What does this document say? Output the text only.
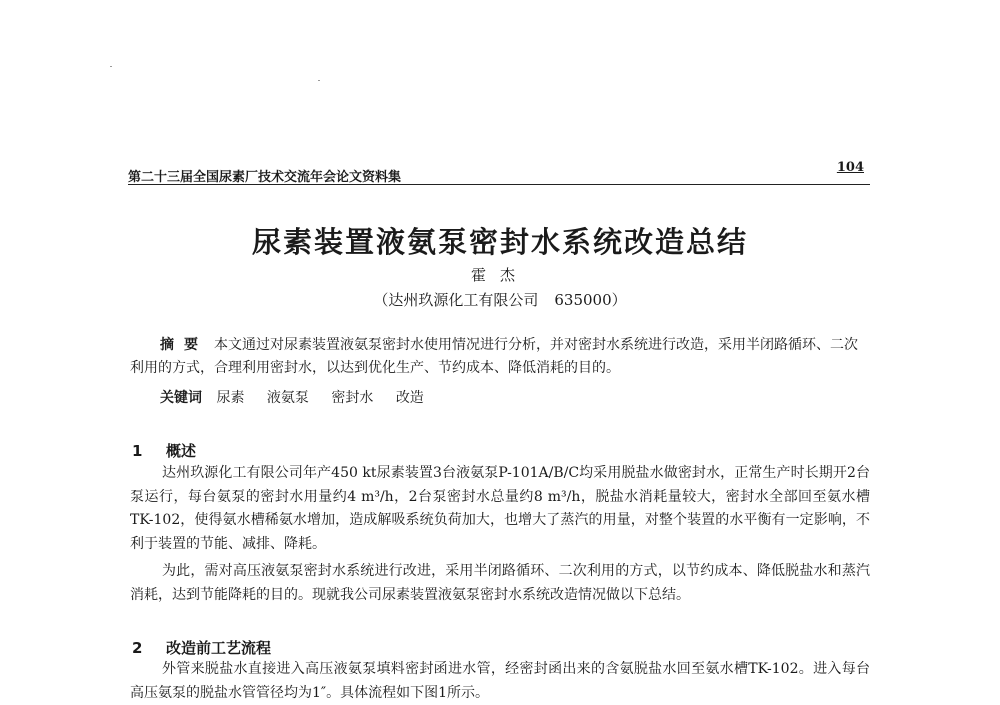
第二十三届全国尿素厂技术交流年会论文资料集
104
尿素装置液氨泵密封水系统改造总结
霍杰
（达州玖源化工有限公司 635000）
摘要 本文通过对尿素装置液氨泵密封水使用情况进行分析，并对密封水系统进行改造，采用半闭路循环、二次利用的方式，合理利用密封水，以达到优化生产、节约成本、降低消耗的目的。
关键词 尿素 液氨泵 密封水 改造
1 概述
达州玖源化工有限公司年产450 kt尿素装置3台液氨泵P-101A/B/C均采用脱盐水做密封水，正常生产时长期开2台泵运行，每台氨泵的密封水用量约4 m³/h，2台泵密封水总量约8 m³/h，脱盐水消耗量较大，密封水全部回至氨水槽TK-102，使得氨水槽稀氨水增加，造成解吸系统负荷加大，也增大了蒸汽的用量，对整个装置的水平衡有一定影响，不利于装置的节能、减排、降耗。
为此，需对高压液氨泵密封水系统进行改进，采用半闭路循环、二次利用的方式，以节约成本、降低脱盐水和蒸汽消耗，达到节能降耗的目的。现就我公司尿素装置液氨泵密封水系统改造情况做以下总结。
2 改造前工艺流程
外管来脱盐水直接进入高压液氨泵填料密封函进水管，经密封函出来的含氨脱盐水回至氨水槽TK-102。进入每台高压氨泵的脱盐水管管径均为1″。具体流程如下图1所示。
